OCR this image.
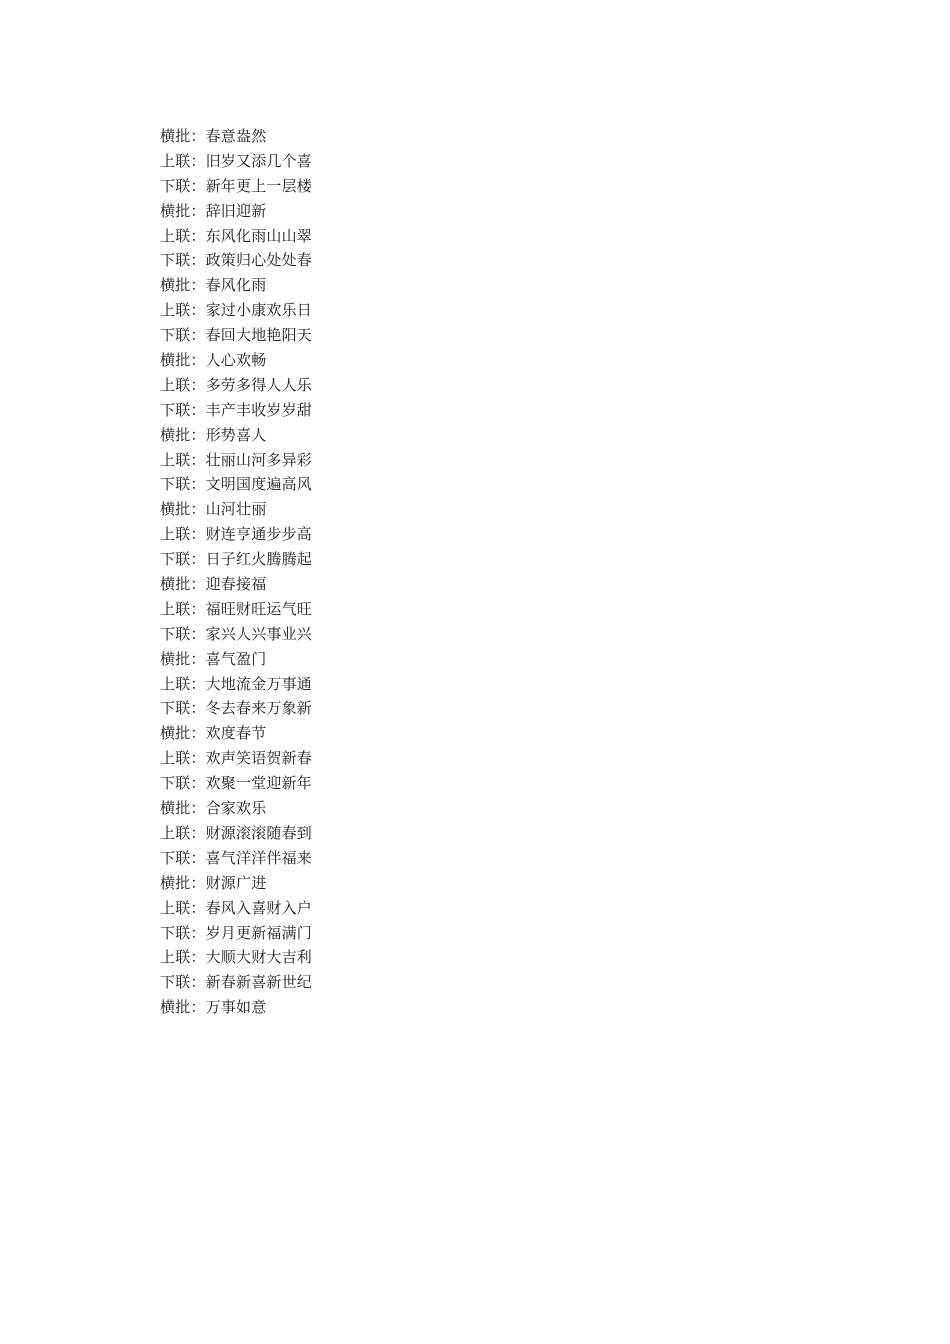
横批：春意盎然
上联：旧岁又添几个喜
下联：新年更上一层楼
横批：辞旧迎新
上联：东风化雨山山翠
下联：政策归心处处春
横批：春风化雨
上联：家过小康欢乐日
下联：春回大地艳阳天
横批：人心欢畅
上联：多劳多得人人乐
下联：丰产丰收岁岁甜
横批：形势喜人
上联：壮丽山河多异彩
下联：文明国度遍高风
横批：山河壮丽
上联：财连亨通步步高
下联：日子红火腾腾起
横批：迎春接福
上联：福旺财旺运气旺
下联：家兴人兴事业兴
横批：喜气盈门
上联：大地流金万事通
下联：冬去春来万象新
横批：欢度春节
上联：欢声笑语贺新春
下联：欢聚一堂迎新年
横批：合家欢乐
上联：财源滚滚随春到
下联：喜气洋洋伴福来
横批：财源广进
上联：春风入喜财入户
下联：岁月更新福满门
上联：大顺大财大吉利
下联：新春新喜新世纪
横批：万事如意
